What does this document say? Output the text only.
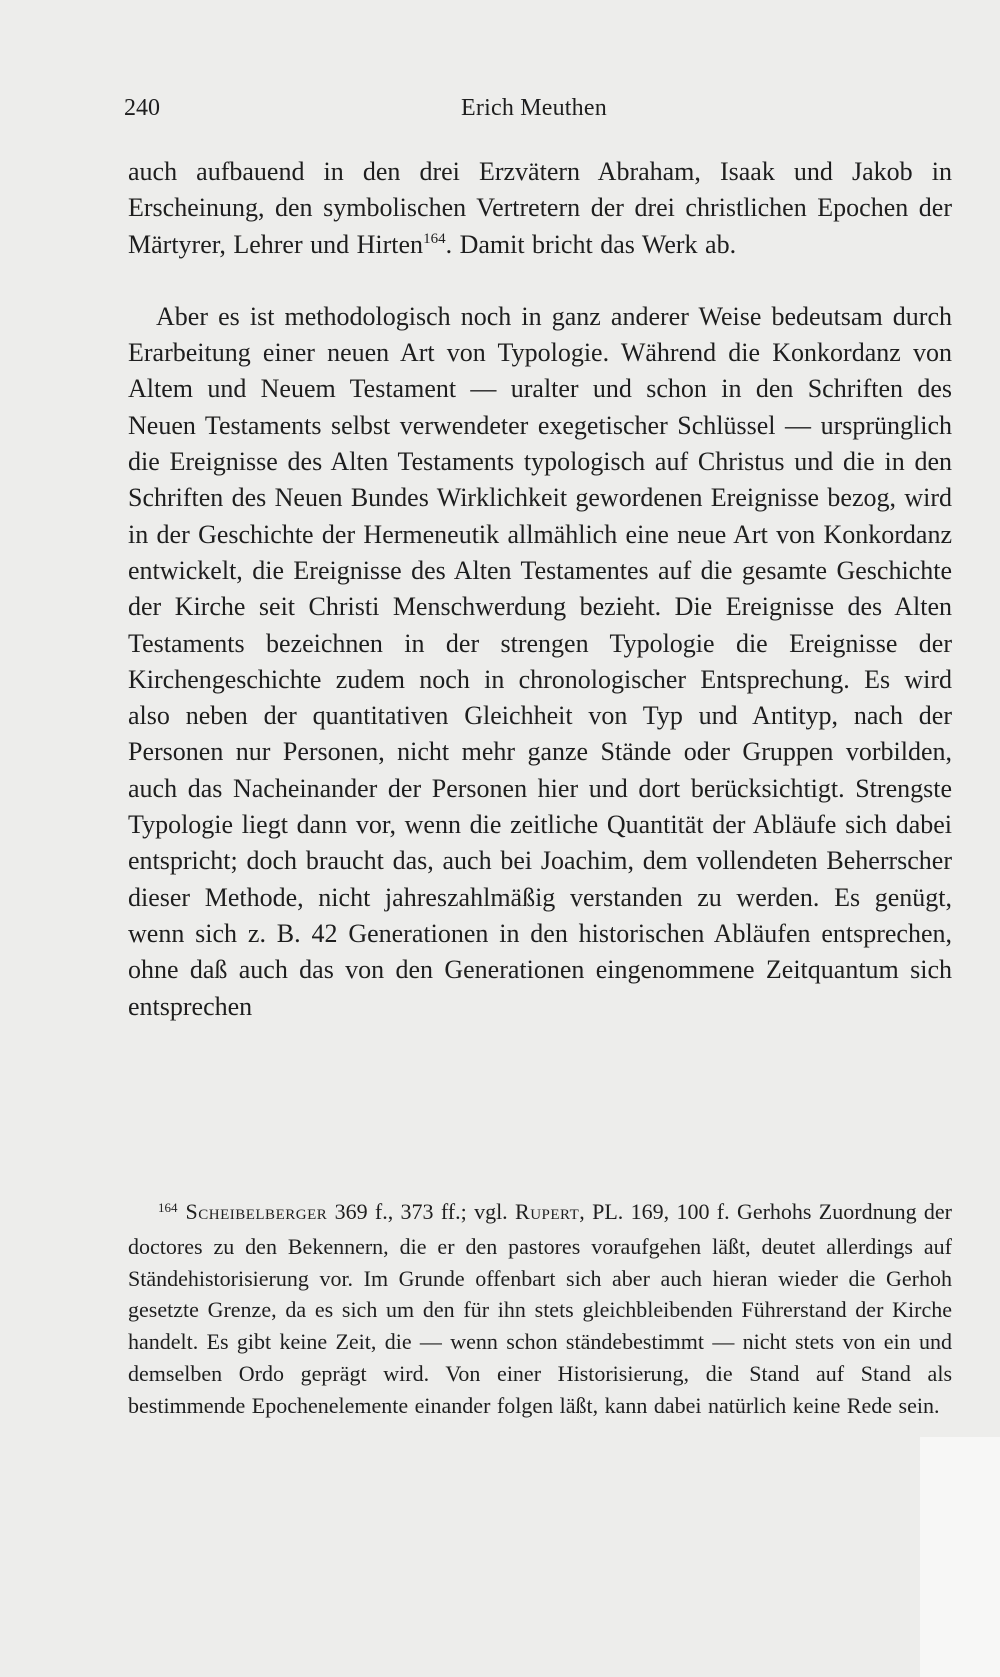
240	Erich Meuthen

auch aufbauend in den drei Erzvätern Abraham, Isaak und Jakob in Erscheinung, den symbolischen Vertretern der drei christlichen Epochen der Märtyrer, Lehrer und Hirten$^{164}$. Damit bricht das Werk ab.

Aber es ist methodologisch noch in ganz anderer Weise bedeutsam durch Erarbeitung einer neuen Art von Typologie. Während die Konkordanz von Altem und Neuem Testament — uralter und schon in den Schriften des Neuen Testaments selbst verwendeter exegetischer Schlüssel — ursprünglich die Ereignisse des Alten Testaments typologisch auf Christus und die in den Schriften des Neuen Bundes Wirklichkeit gewordenen Ereignisse bezog, wird in der Geschichte der Hermeneutik allmählich eine neue Art von Konkordanz entwickelt, die Ereignisse des Alten Testamentes auf die gesamte Geschichte der Kirche seit Christi Menschwerdung bezieht. Die Ereignisse des Alten Testaments bezeichnen in der strengen Typologie die Ereignisse der Kirchengeschichte zudem noch in chronologischer Entsprechung. Es wird also neben der quantitativen Gleichheit von Typ und Antityp, nach der Personen nur Personen, nicht mehr ganze Stände oder Gruppen vorbilden, auch das Nacheinander der Personen hier und dort berücksichtigt. Strengste Typologie liegt dann vor, wenn die zeitliche Quantität der Abläufe sich dabei entspricht; doch braucht das, auch bei Joachim, dem vollendeten Beherrscher dieser Methode, nicht jahreszahlmäßig verstanden zu werden. Es genügt, wenn sich z. B. 42 Generationen in den historischen Abläufen entsprechen, ohne daß auch das von den Generationen eingenommene Zeitquantum sich entsprechen

$^{164}$ Scheibelberger 369 f., 373 ff.; vgl. Rupert, PL. 169, 100 f. Gerhohs Zuordnung der doctores zu den Bekennern, die er den pastores voraufgehen läßt, deutet allerdings auf Ständehistorisierung vor. Im Grunde offenbart sich aber auch hieran wieder die Gerhoh gesetzte Grenze, da es sich um den für ihn stets gleichbleibenden Führerstand der Kirche handelt. Es gibt keine Zeit, die — wenn schon ständebestimmt — nicht stets von ein und demselben Ordo geprägt wird. Von einer Historisierung, die Stand auf Stand als bestimmende Epochenelemente einander folgen läßt, kann dabei natürlich keine Rede sein.
